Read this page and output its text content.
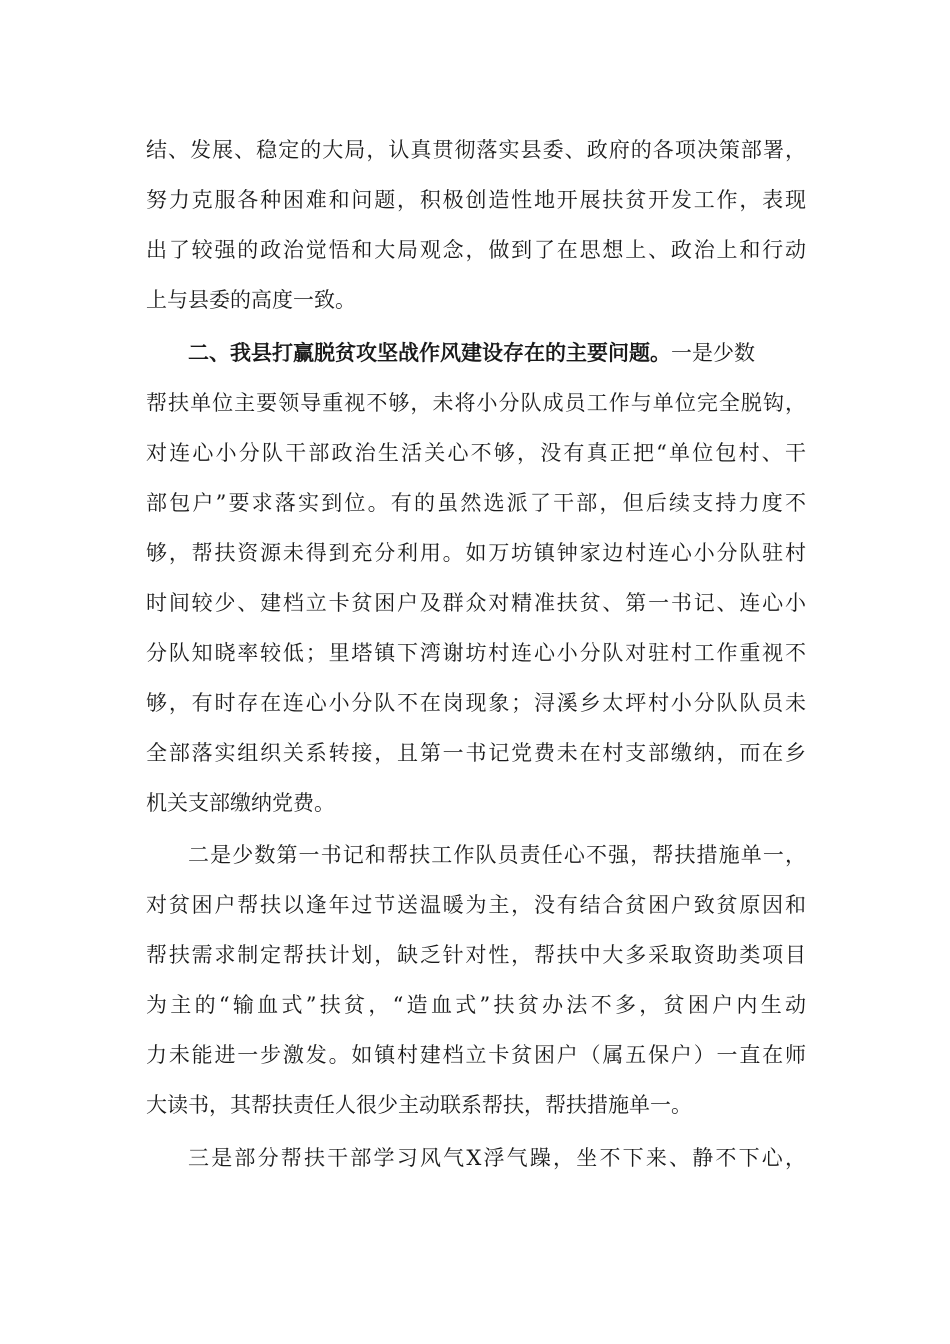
结、发展、稳定的大局，认真贯彻落实县委、政府的各项决策部署，
努力克服各种困难和问题，积极创造性地开展扶贫开发工作，表现
出了较强的政治觉悟和大局观念，做到了在思想上、政治上和行动
上与县委的高度一致。
二、我县打赢脱贫攻坚战作风建设存在的主要问题。一是少数
帮扶单位主要领导重视不够，未将小分队成员工作与单位完全脱钩，
对连心小分队干部政治生活关心不够，没有真正把“单位包村、干
部包户”要求落实到位。有的虽然选派了干部，但后续支持力度不
够，帮扶资源未得到充分利用。如万坊镇钟家边村连心小分队驻村
时间较少、建档立卡贫困户及群众对精准扶贫、第一书记、连心小
分队知晓率较低；里塔镇下湾谢坊村连心小分队对驻村工作重视不
够，有时存在连心小分队不在岗现象；浔溪乡太坪村小分队队员未
全部落实组织关系转接，且第一书记党费未在村支部缴纳，而在乡
机关支部缴纳党费。
二是少数第一书记和帮扶工作队员责任心不强，帮扶措施单一，
对贫困户帮扶以逢年过节送温暖为主，没有结合贫困户致贫原因和
帮扶需求制定帮扶计划，缺乏针对性，帮扶中大多采取资助类项目
为主的“输血式”扶贫，“造血式”扶贫办法不多，贫困户内生动
力未能进一步激发。如镇村建档立卡贫困户（属五保户）一直在师
大读书，其帮扶责任人很少主动联系帮扶，帮扶措施单一。
三是部分帮扶干部学习风气Ⅹ浮气躁，坐不下来、静不下心，
